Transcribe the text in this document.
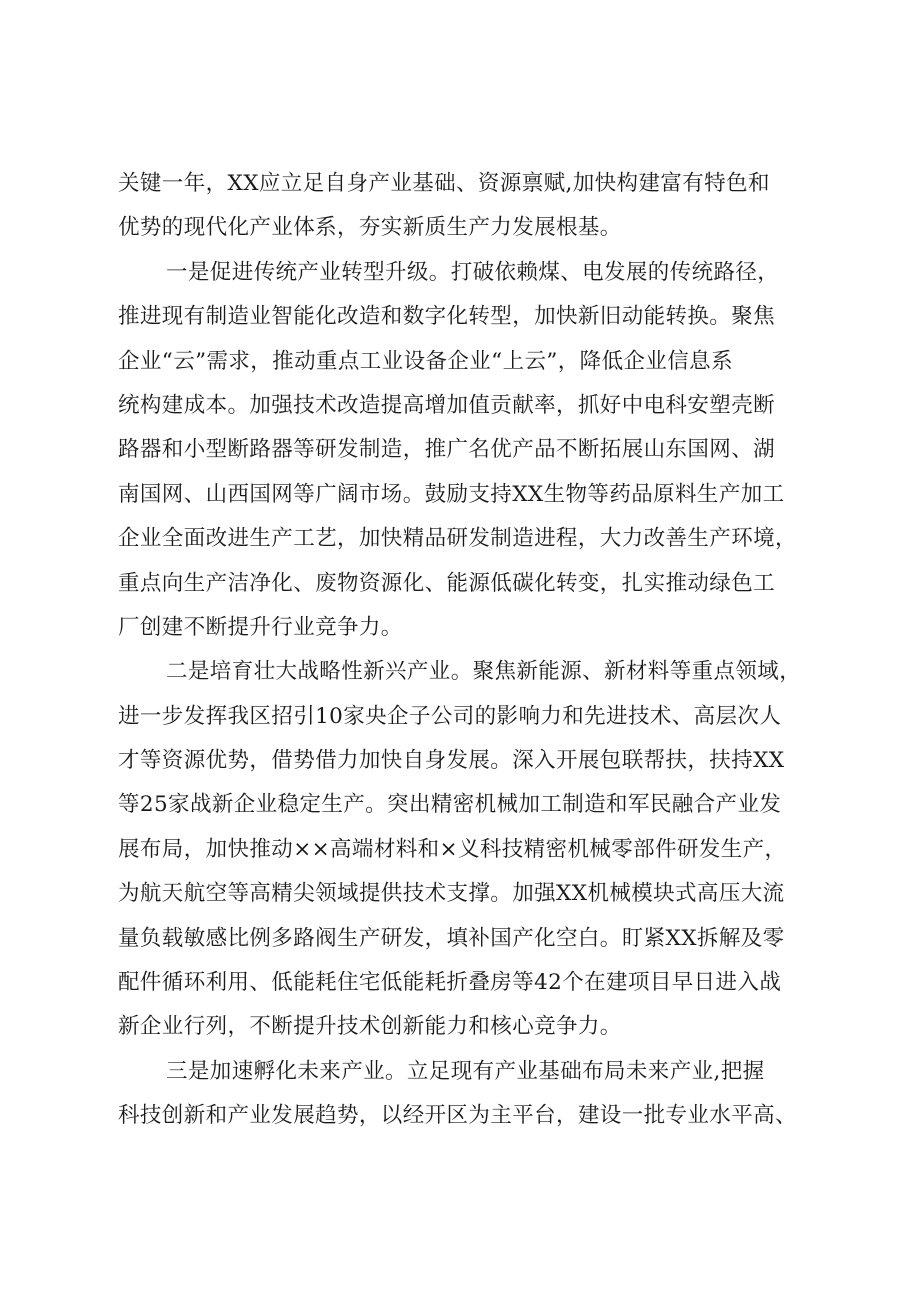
关键一年，XX应立足自身产业基础、资源禀赋,加快构建富有特色和
优势的现代化产业体系，夯实新质生产力发展根基。
一是促进传统产业转型升级。打破依赖煤、电发展的传统路径，
推进现有制造业智能化改造和数字化转型，加快新旧动能转换。聚焦
企业“云”需求，推动重点工业设备企业“上云”，降低企业信息系
统构建成本。加强技术改造提高增加值贡献率，抓好中电科安塑壳断
路器和小型断路器等研发制造，推广名优产品不断拓展山东国网、湖
南国网、山西国网等广阔市场。鼓励支持XX生物等药品原料生产加工
企业全面改进生产工艺，加快精品研发制造进程，大力改善生产环境，
重点向生产洁净化、废物资源化、能源低碳化转变，扎实推动绿色工
厂创建不断提升行业竞争力。
二是培育壮大战略性新兴产业。聚焦新能源、新材料等重点领域，
进一步发挥我区招引10家央企子公司的影响力和先进技术、高层次人
才等资源优势，借势借力加快自身发展。深入开展包联帮扶，扶持XX
等25家战新企业稳定生产。突出精密机械加工制造和军民融合产业发
展布局，加快推动××高端材料和×义科技精密机械零部件研发生产，
为航天航空等高精尖领域提供技术支撑。加强XX机械模块式高压大流
量负载敏感比例多路阀生产研发，填补国产化空白。盯紧XX拆解及零
配件循环利用、低能耗住宅低能耗折叠房等42个在建项目早日进入战
新企业行列，不断提升技术创新能力和核心竞争力。
三是加速孵化未来产业。立足现有产业基础布局未来产业,把握
科技创新和产业发展趋势，以经开区为主平台，建设一批专业水平高、
